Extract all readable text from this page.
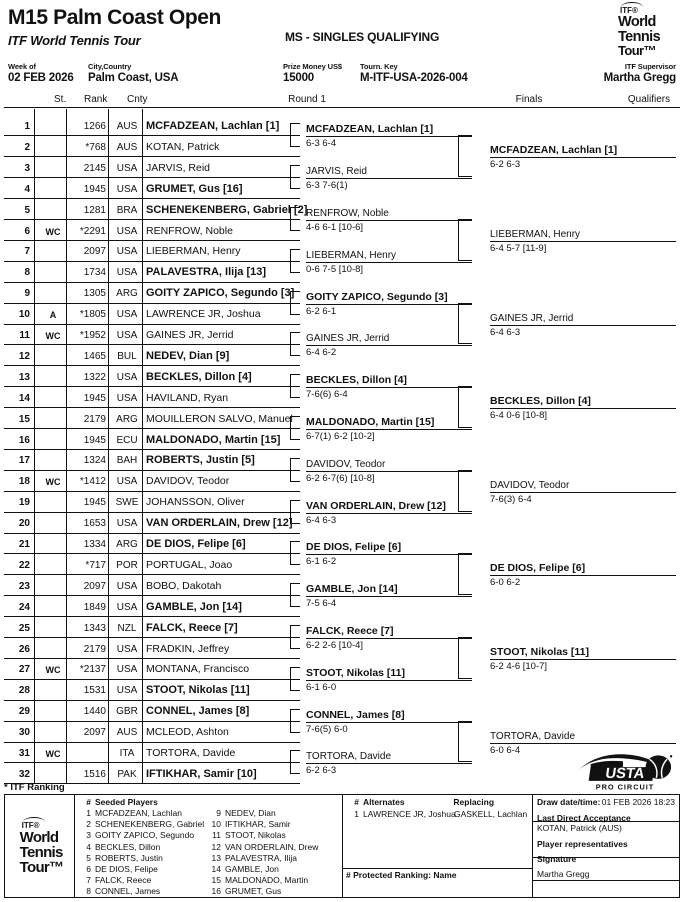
M15 Palm Coast Open
ITF World Tennis Tour	MS - SINGLES QUALIFYING
ITF®
World
Tennis
Tour™
Week of
02 FEB 2026
City,Country
Palm Coast, USA
Prize Money US$
15000
Tourn. Key
M-ITF-USA-2026-004
ITF Supervisor
Martha Gregg
St. Rank Cnty	Round 1	Finals	Qualifiers
1	1266	AUS MCFADZEAN, Lachlan [1]
2	*768	AUS KOTAN, Patrick
3	2145	USA JARVIS, Reid
4	1945	USA GRUMET, Gus [16]
5	1281	BRA SCHENEKENBERG, Gabriel [2]
6	WC	*2291	USA RENFROW, Noble
7	2097	USA LIEBERMAN, Henry
8	1734	USA PALAVESTRA, Ilija [13]
9	1305	ARG GOITY ZAPICO, Segundo [3]
10	A	*1805	USA LAWRENCE JR, Joshua
11	WC	*1952	USA GAINES JR, Jerrid
12	1465	BUL NEDEV, Dian [9]
13	1322	USA BECKLES, Dillon [4]
14	1945	USA HAVILAND, Ryan
15	2179	ARG MOUILLERON SALVO, Manuel
16	1945	ECU MALDONADO, Martin [15]
17	1324	BAH ROBERTS, Justin [5]
18	WC	*1412	USA DAVIDOV, Teodor
19	1945 SWE JOHANSSON, Oliver
20	1653	USA VAN ORDERLAIN, Drew [12]
21	1334	ARG DE DIOS, Felipe [6]
22	*717	POR PORTUGAL, Joao
23	2097	USA BOBO, Dakotah
24	1849	USA GAMBLE, Jon [14]
25	1343	NZL FALCK, Reece [7]
26	2179	USA FRADKIN, Jeffrey
27	WC	*2137	USA MONTANA, Francisco
28	1531	USA STOOT, Nikolas [11]
29	1440	GBR CONNEL, James [8]
30	2097	AUS MCLEOD, Ashton
31	WC	ITA	TORTORA, Davide
32	1516	PAK IFTIKHAR, Samir [10]
MCFADZEAN, Lachlan [1]
6-3 6-4
JARVIS, Reid
6-3 7-6(1)
RENFROW, Noble
4-6 6-1 [10-6]
LIEBERMAN, Henry
0-6 7-5 [10-8]
GOITY ZAPICO, Segundo [3]
6-2 6-1
GAINES JR, Jerrid
6-4 6-2
BECKLES, Dillon [4]
7-6(6) 6-4
MALDONADO, Martin [15]
6-7(1) 6-2 [10-2]
DAVIDOV, Teodor
6-2 6-7(6) [10-8]
VAN ORDERLAIN, Drew [12]
6-4 6-3
DE DIOS, Felipe [6]
6-1 6-2
GAMBLE, Jon [14]
7-5 6-4
FALCK, Reece [7]
6-2 2-6 [10-4]
STOOT, Nikolas [11]
6-1 6-0
CONNEL, James [8]
7-6(5) 6-0
TORTORA, Davide
6-2 6-3
MCFADZEAN, Lachlan [1]
6-2 6-3
LIEBERMAN, Henry
6-4 5-7 [11-9]
GAINES JR, Jerrid
6-4 6-3
BECKLES, Dillon [4]
6-4 0-6 [10-8]
DAVIDOV, Teodor
7-6(3) 6-4
DE DIOS, Felipe [6]
6-0 6-2
STOOT, Nikolas [11]
6-2 4-6 [10-7]
TORTORA, Davide
6-0 6-4
* ITF Ranking
USTA
PRO CIRCUIT
ITF®
World
Tennis
Tour™
# Seeded Players
1 MCFADZEAN, Lachlan
2 SCHENEKENBERG, Gabriel
3 GOITY ZAPICO, Segundo
4 BECKLES, Dillon
5 ROBERTS, Justin
6 DE DIOS, Felipe
7 FALCK, Reece
8 CONNEL, James
9 NEDEV, Dian
10 IFTIKHAR, Samir
11 STOOT, Nikolas
12 VAN ORDERLAIN, Drew
13 PALAVESTRA, Ilija
14 GAMBLE, Jon
15 MALDONADO, Martin
16 GRUMET, Gus
# Alternates	Replacing
1 LAWRENCE JR, Joshua
GASKELL, Lachlan
# Protected Ranking: Name
Draw date/time: 01 FEB 2026 18:23
Last Direct Acceptance
KOTAN, Patrick (AUS)
Player representatives
Signature
Martha Gregg
